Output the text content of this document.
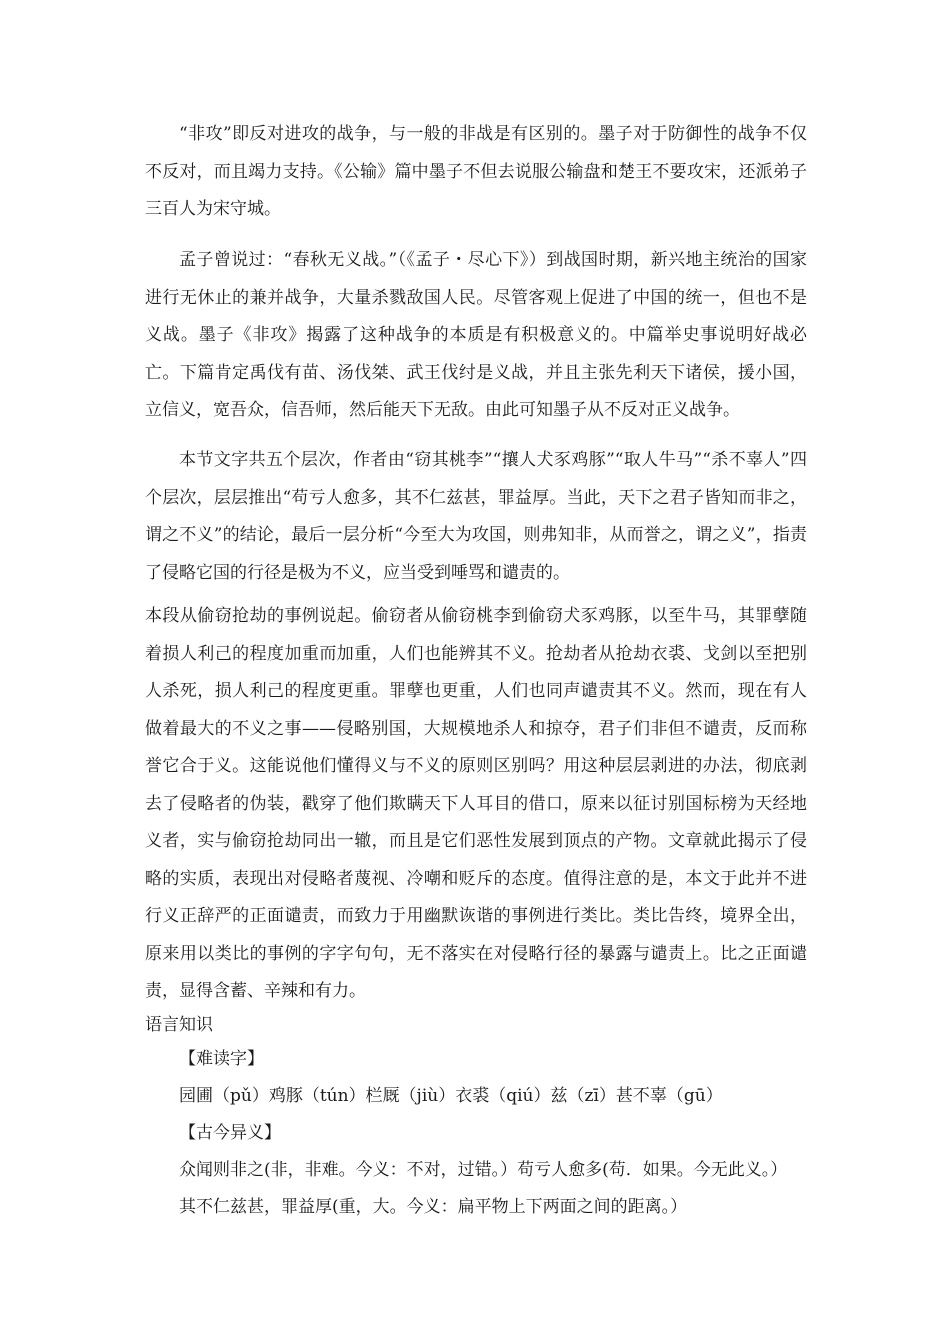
“非攻”即反对进攻的战争，与一般的非战是有区别的。墨子对于防御性的战争不仅不反对，而且竭力支持。《公输》篇中墨子不但去说服公输盘和楚王不要攻宋，还派弟子三百人为宋守城。

孟子曾说过：“春秋无义战。”（《孟子・尽心下》）到战国时期，新兴地主统治的国家进行无休止的兼并战争，大量杀戮敌国人民。尽管客观上促进了中国的统一，但也不是义战。墨子《非攻》揭露了这种战争的本质是有积极意义的。中篇举史事说明好战必亡。下篇肯定禹伐有苗、汤伐桀、武王伐纣是义战，并且主张先利天下诸侯，援小国，立信义，宽吾众，信吾师，然后能天下无敌。由此可知墨子从不反对正义战争。

本节文字共五个层次，作者由“窃其桃李”“攘人犬豕鸡豚”“取人牛马”“杀不辜人”四个层次，层层推出“苟亏人愈多，其不仁兹甚，罪益厚。当此，天下之君子皆知而非之，谓之不义”的结论，最后一层分析“今至大为攻国，则弗知非，从而誉之，谓之义”，指责了侵略它国的行径是极为不义，应当受到唾骂和谴责的。

本段从偷窃抢劫的事例说起。偷窃者从偷窃桃李到偷窃犬豕鸡豚，以至牛马，其罪孽随着损人利己的程度加重而加重，人们也能辨其不义。抢劫者从抢劫衣裘、戈剑以至把别人杀死，损人利己的程度更重。罪孽也更重，人们也同声谴责其不义。然而，现在有人做着最大的不义之事——侵略别国，大规模地杀人和掠夺，君子们非但不谴责，反而称誉它合于义。这能说他们懂得义与不义的原则区别吗？用这种层层剥进的办法，彻底剥去了侵略者的伪装，戳穿了他们欺瞒天下人耳目的借口，原来以征讨别国标榜为天经地义者，实与偷窃抢劫同出一辙，而且是它们恶性发展到顶点的产物。文章就此揭示了侵略的实质，表现出对侵略者蔑视、冷嘲和贬斥的态度。值得注意的是，本文于此并不进行义正辞严的正面谴责，而致力于用幽默诙谐的事例进行类比。类比告终，境界全出，原来用以类比的事例的字字句句，无不落实在对侵略行径的暴露与谴责上。比之正面谴责，显得含蓄、辛辣和有力。

语言知识

【难读字】

园圃（pǔ）鸡豚（tún）栏厩（jiù）衣裘（qiú）兹（zī）甚不辜（gū）

【古今异义】

众闻则非之(非，非难。今义：不对，过错。）苟亏人愈多(苟．如果。今无此义。）

其不仁兹甚，罪益厚(重，大。今义：扁平物上下两面之间的距离。）
